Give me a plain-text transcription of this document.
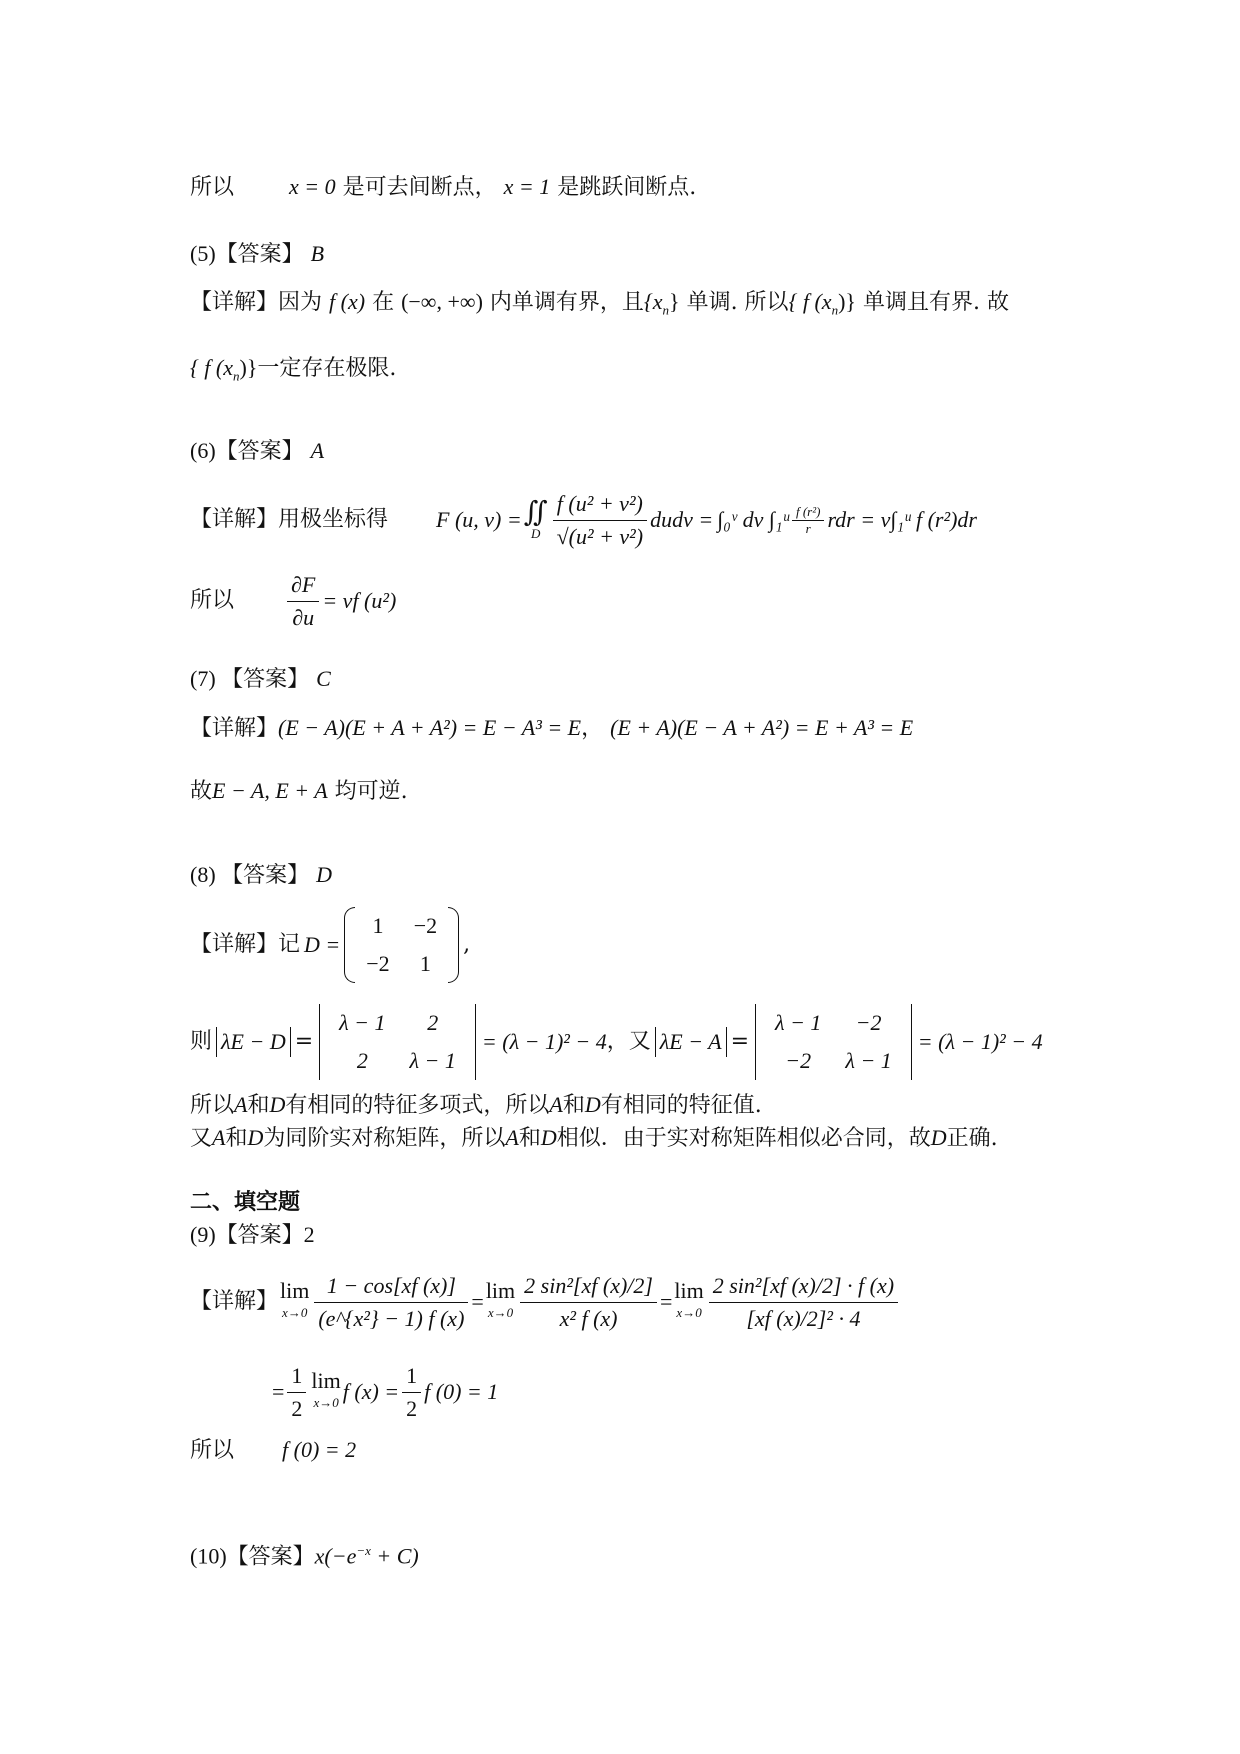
所以	x = 0 是可去间断点， x = 1 是跳跃间断点.
(5)【答案】 B
【详解】因为 f (x) 在 (−∞, +∞) 内单调有界，且$\{x_n\}$ 单调. 所以{ f $(x_n)$} 单调且有界. 故
{ f $(x_n)$}一定存在极限.
(6)【答案】 A
【详解】 用极坐标得 F (u, v) = ∬
D $\frac{\text{f (u² + v²)}}{\text{√(u² + v²)}}$ dudv = ∫₀ᵛ dv ∫₁ᵘ $\frac{\text{f (r²)}}{r}$ rdr = v∫₁ᵘ f (r²)dr
所以 $\frac{\partial F}{\partial u}$ = vf (u²)
(7) 【答案】 C
【详解】(E − A)(E + A + A²) = E − A³ = E， (E + A)(E − A + A²) = E + A³ = E
故E − A, E + A 均可逆.
(8) 【答案】 D
【详解】 记 D =
1	−2
−2	1
,
则 λE − D =
λ − 1	2
2	λ − 1
= (λ − 1)² − 4 ，又 λE − A =
λ − 1	−2
−2	λ − 1
= (λ − 1)² − 4
所以A和D有相同的特征多项式，所以A和D有相同的特征值.
又A和D为同阶实对称矩阵，所以A和D相似．由于实对称矩阵相似必合同，故D正确.
二、填空题
(9)【答案】2
【详解】 lim
$x\to 0 \frac{1 - \cos[xf (x)]}{\text{(e\textasciicircum{}\{x²\} − 1) f (x)}} = \lim$
$x\to 0 \frac{\text{2 sin²[xf (x)/2]}}{\text{x² f (x)}} = \lim$
$x\to 0 \frac{\text{2 sin²[xf (x)/2] · f (x)}}{\text{[xf (x)/2]² · 4}}$
= $\frac{1}{2}$ lim
x→0 f $(x) = \frac{1}{2}$ f (0) = 1
所以 f (0) = 2
(10)【答案】$x(-e^{-x} + C)$
